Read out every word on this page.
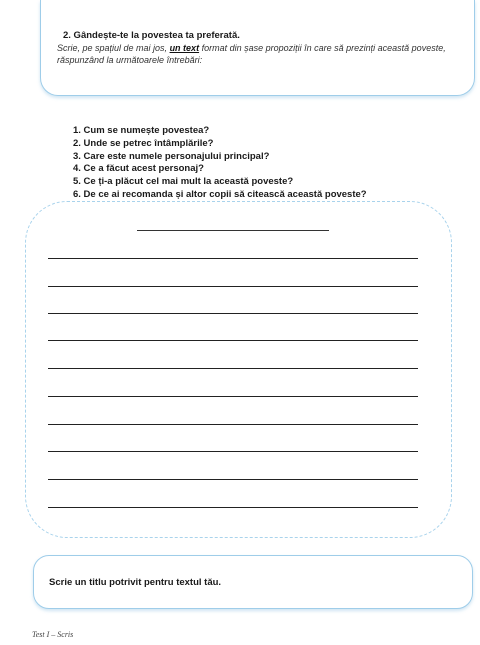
2. Gândește-te la povestea ta preferată.
Scrie, pe spațiul de mai jos, un text format din șase propoziții în care să prezinți această poveste, răspunzând la următoarele întrebări:
1. Cum se numește povestea?
2. Unde se petrec întâmplările?
3. Care este numele personajului principal?
4. Ce a făcut acest personaj?
5. Ce ți-a plăcut cel mai mult la această poveste?
6. De ce ai recomanda și altor copii să citească această poveste?
Scrie un titlu potrivit pentru textul tău.
Test I – Scris
